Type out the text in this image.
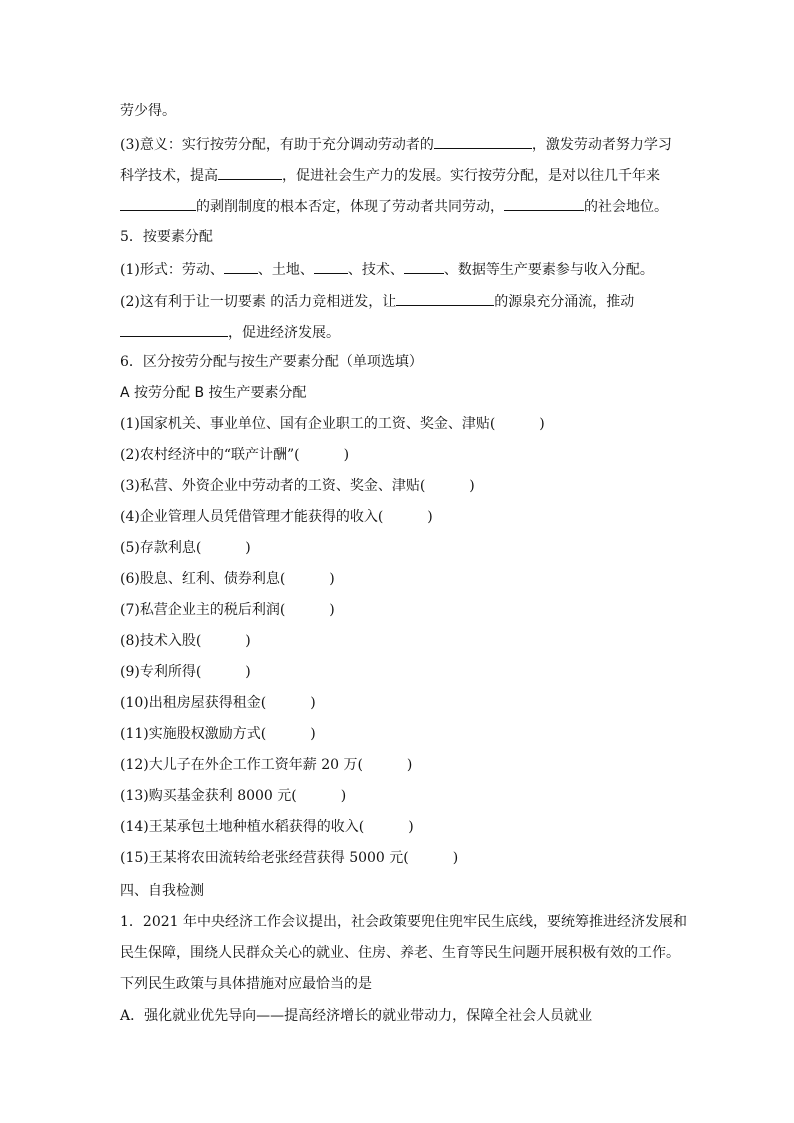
劳少得。
(3)意义：实行按劳分配，有助于充分调动劳动者的	，激发劳动者努力学习
科学技术，提高	，促进社会生产力的发展。实行按劳分配，是对以往几千年来
的剥削制度的根本否定，体现了劳动者共同劳动，	的社会地位。
5．按要素分配
(1)形式：劳动、 、土地、 、技术、	、数据等生产要素参与收入分配。
(2)这有利于让一切要素 的活力竞相迸发，让	的源泉充分涌流，推动
，促进经济发展。
6．区分按劳分配与按生产要素分配（单项选填）
A 按劳分配 B 按生产要素分配
(1)国家机关、事业单位、国有企业职工的工资、奖金、津贴(	)
(2)农村经济中的“联产计酬”(	)
(3)私营、外资企业中劳动者的工资、奖金、津贴(	)
(4)企业管理人员凭借管理才能获得的收入(	)
(5)存款利息(	)
(6)股息、红利、债券利息(	)
(7)私营企业主的税后利润(	)
(8)技术入股(	)
(9)专利所得(	)
(10)出租房屋获得租金(	)
(11)实施股权激励方式(	)
(12)大儿子在外企工作工资年薪 20 万(	)
(13)购买基金获利 8000 元(	)
(14)王某承包土地种植水稻获得的收入(	)
(15)王某将农田流转给老张经营获得 5000 元(	)
四、自我检测
1．2021 年中央经济工作会议提出，社会政策要兜住兜牢民生底线，要统筹推进经济发展和
民生保障，围绕人民群众关心的就业、住房、养老、生育等民生问题开展积极有效的工作。
下列民生政策与具体措施对应最恰当的是
A．强化就业优先导向——提高经济增长的就业带动力，保障全社会人员就业
